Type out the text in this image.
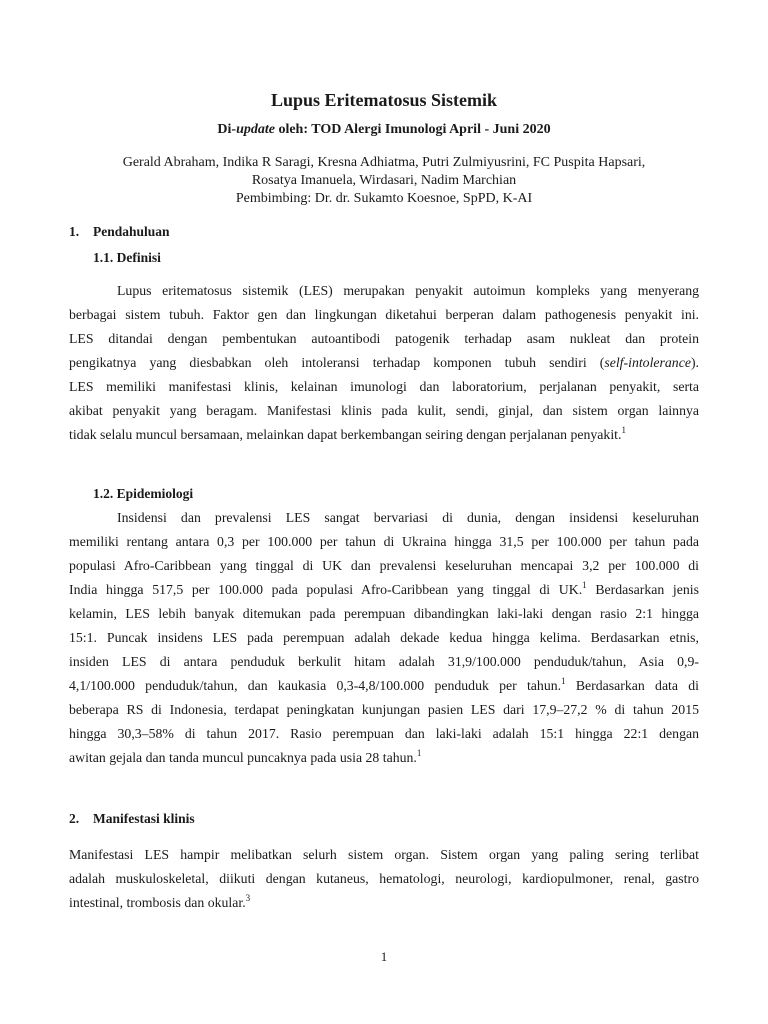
Lupus Eritematosus Sistemik
Di-update oleh: TOD Alergi Imunologi April - Juni 2020
Gerald Abraham, Indika R Saragi, Kresna Adhiatma, Putri Zulmiyusrini, FC Puspita Hapsari,
Rosatya Imanuela, Wirdasari, Nadim Marchian
Pembimbing: Dr. dr. Sukamto Koesnoe, SpPD, K-AI
1. Pendahuluan
1.1. Definisi
Lupus eritematosus sistemik (LES) merupakan penyakit autoimun kompleks yang menyerang
berbagai sistem tubuh. Faktor gen dan lingkungan diketahui berperan dalam pathogenesis penyakit ini.
LES ditandai dengan pembentukan autoantibodi patogenik terhadap asam nukleat dan protein
pengikatnya yang diesbabkan oleh intoleransi terhadap komponen tubuh sendiri (self-intolerance).
LES memiliki manifestasi klinis, kelainan imunologi dan laboratorium, perjalanan penyakit, serta
akibat penyakit yang beragam. Manifestasi klinis pada kulit, sendi, ginjal, dan sistem organ lainnya
tidak selalu muncul bersamaan, melainkan dapat berkembangan seiring dengan perjalanan penyakit.$^1$
1.2. Epidemiologi
Insidensi dan prevalensi LES sangat bervariasi di dunia, dengan insidensi keseluruhan
memiliki rentang antara 0,3 per 100.000 per tahun di Ukraina hingga 31,5 per 100.000 per tahun pada
populasi Afro-Caribbean yang tinggal di UK dan prevalensi keseluruhan mencapai 3,2 per 100.000 di
India hingga 517,5 per 100.000 pada populasi Afro-Caribbean yang tinggal di UK.$^1$ Berdasarkan jenis
kelamin, LES lebih banyak ditemukan pada perempuan dibandingkan laki-laki dengan rasio 2:1 hingga
15:1. Puncak insidens LES pada perempuan adalah dekade kedua hingga kelima. Berdasarkan etnis,
insiden LES di antara penduduk berkulit hitam adalah 31,9/100.000 penduduk/tahun, Asia 0,9-
4,1/100.000 penduduk/tahun, dan kaukasia 0,3-4,8/100.000 penduduk per tahun.$^1$ Berdasarkan data di
beberapa RS di Indonesia, terdapat peningkatan kunjungan pasien LES dari 17,9–27,2 % di tahun 2015
hingga 30,3–58% di tahun 2017. Rasio perempuan dan laki-laki adalah 15:1 hingga 22:1 dengan
awitan gejala dan tanda muncul puncaknya pada usia 28 tahun.$^1$
2. Manifestasi klinis
Manifestasi LES hampir melibatkan selurh sistem organ. Sistem organ yang paling sering terlibat
adalah muskuloskeletal, diikuti dengan kutaneus, hematologi, neurologi, kardiopulmoner, renal, gastro
intestinal, trombosis dan okular.$^3$
1
